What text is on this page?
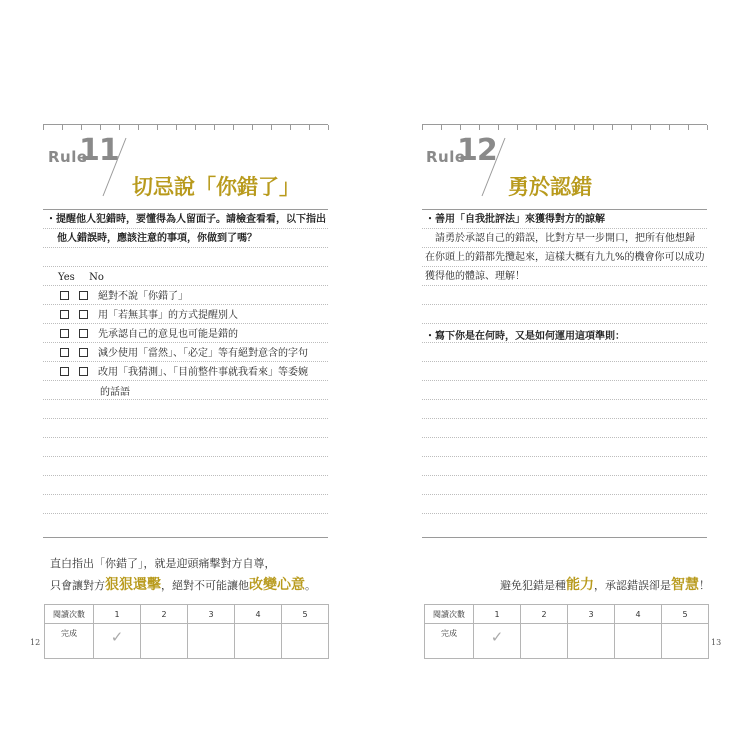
Rule
11
切忌說「你錯了」
・提醒他人犯錯時，要懂得為人留面子。請檢查看看，以下指出
他人錯誤時，應該注意的事項，你做到了嗎？
Yes No
絕對不說「你錯了」
用「若無其事」的方式提醒別人
先承認自己的意見也可能是錯的
減少使用「當然」、「必定」等有絕對意含的字句
改用「我猜測」、「目前整件事就我看來」等委婉
的話語
直白指出「你錯了」，就是迎頭痛擊對方自尊，
只會讓對方狠狠還擊，絕對不可能讓他改變心意。
閱讀次數	1	2	3	4	5
完成	✓				
12
Rule
12
勇於認錯
・善用「自我批評法」來獲得對方的諒解
　請勇於承認自己的錯誤，比對方早一步開口，把所有他想歸
在你頭上的錯都先攬起來，這樣大概有九九%的機會你可以成功
獲得他的體諒、理解！
・寫下你是在何時，又是如何運用這項準則：
避免犯錯是種能力，承認錯誤卻是智慧！
閱讀次數	1	2	3	4	5
完成	✓					13
